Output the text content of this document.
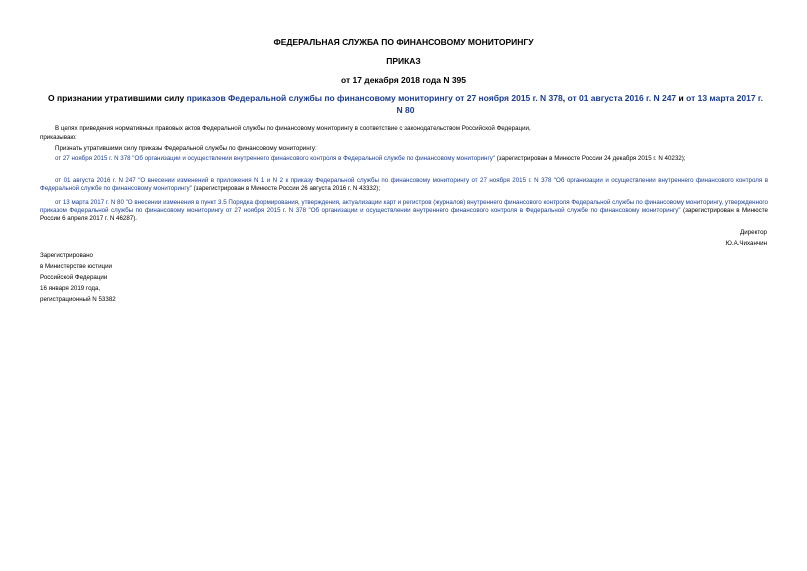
ФЕДЕРАЛЬНАЯ СЛУЖБА ПО ФИНАНСОВОМУ МОНИТОРИНГУ
ПРИКАЗ
от 17 декабря 2018 года N 395
О признании утратившими силу приказов Федеральной службы по финансовому мониторингу от 27 ноября 2015 г. N 378, от 01 августа 2016 г. N 247 и от 13 марта 2017 г. N 80
В целях приведения нормативных правовых актов Федеральной службы по финансовому мониторингу в соответствие с законодательством Российской Федерации,
приказываю:
Признать утратившими силу приказы Федеральной службы по финансовому мониторингу:
от 27 ноября 2015 г. N 378 "Об организации и осуществлении внутреннего финансового контроля в Федеральной службе по финансовому мониторингу" (зарегистрирован в Минюсте России 24 декабря 2015 г. N 40232);
от 01 августа 2016 г. N 247 "О внесении изменений в приложения N 1 и N 2 к приказу Федеральной службы по финансовому мониторингу от 27 ноября 2015 г. N 378 "Об организации и осуществлении внутреннего финансового контроля в Федеральной службе по финансовому мониторингу" (зарегистрирован в Минюсте России 26 августа 2016 г. N 43332);
от 13 марта 2017 г. N 80 "О внесении изменения в пункт 3.5 Порядка формирования, утверждения, актуализации карт и регистров (журналов) внутреннего финансового контроля Федеральной службы по финансовому мониторингу, утвержденного приказом Федеральной службы по финансовому мониторингу от 27 ноября 2015 г. N 378 "Об организации и осуществлении внутреннего финансового контроля в Федеральной службе по финансовому мониторингу" (зарегистрирован в Минюсте России 6 апреля 2017 г. N 46287).
Директор
Ю.А.Чиханчин
Зарегистрировано
в Министерстве юстиции
Российской Федерации
16 января 2019 года,
регистрационный N 53382
